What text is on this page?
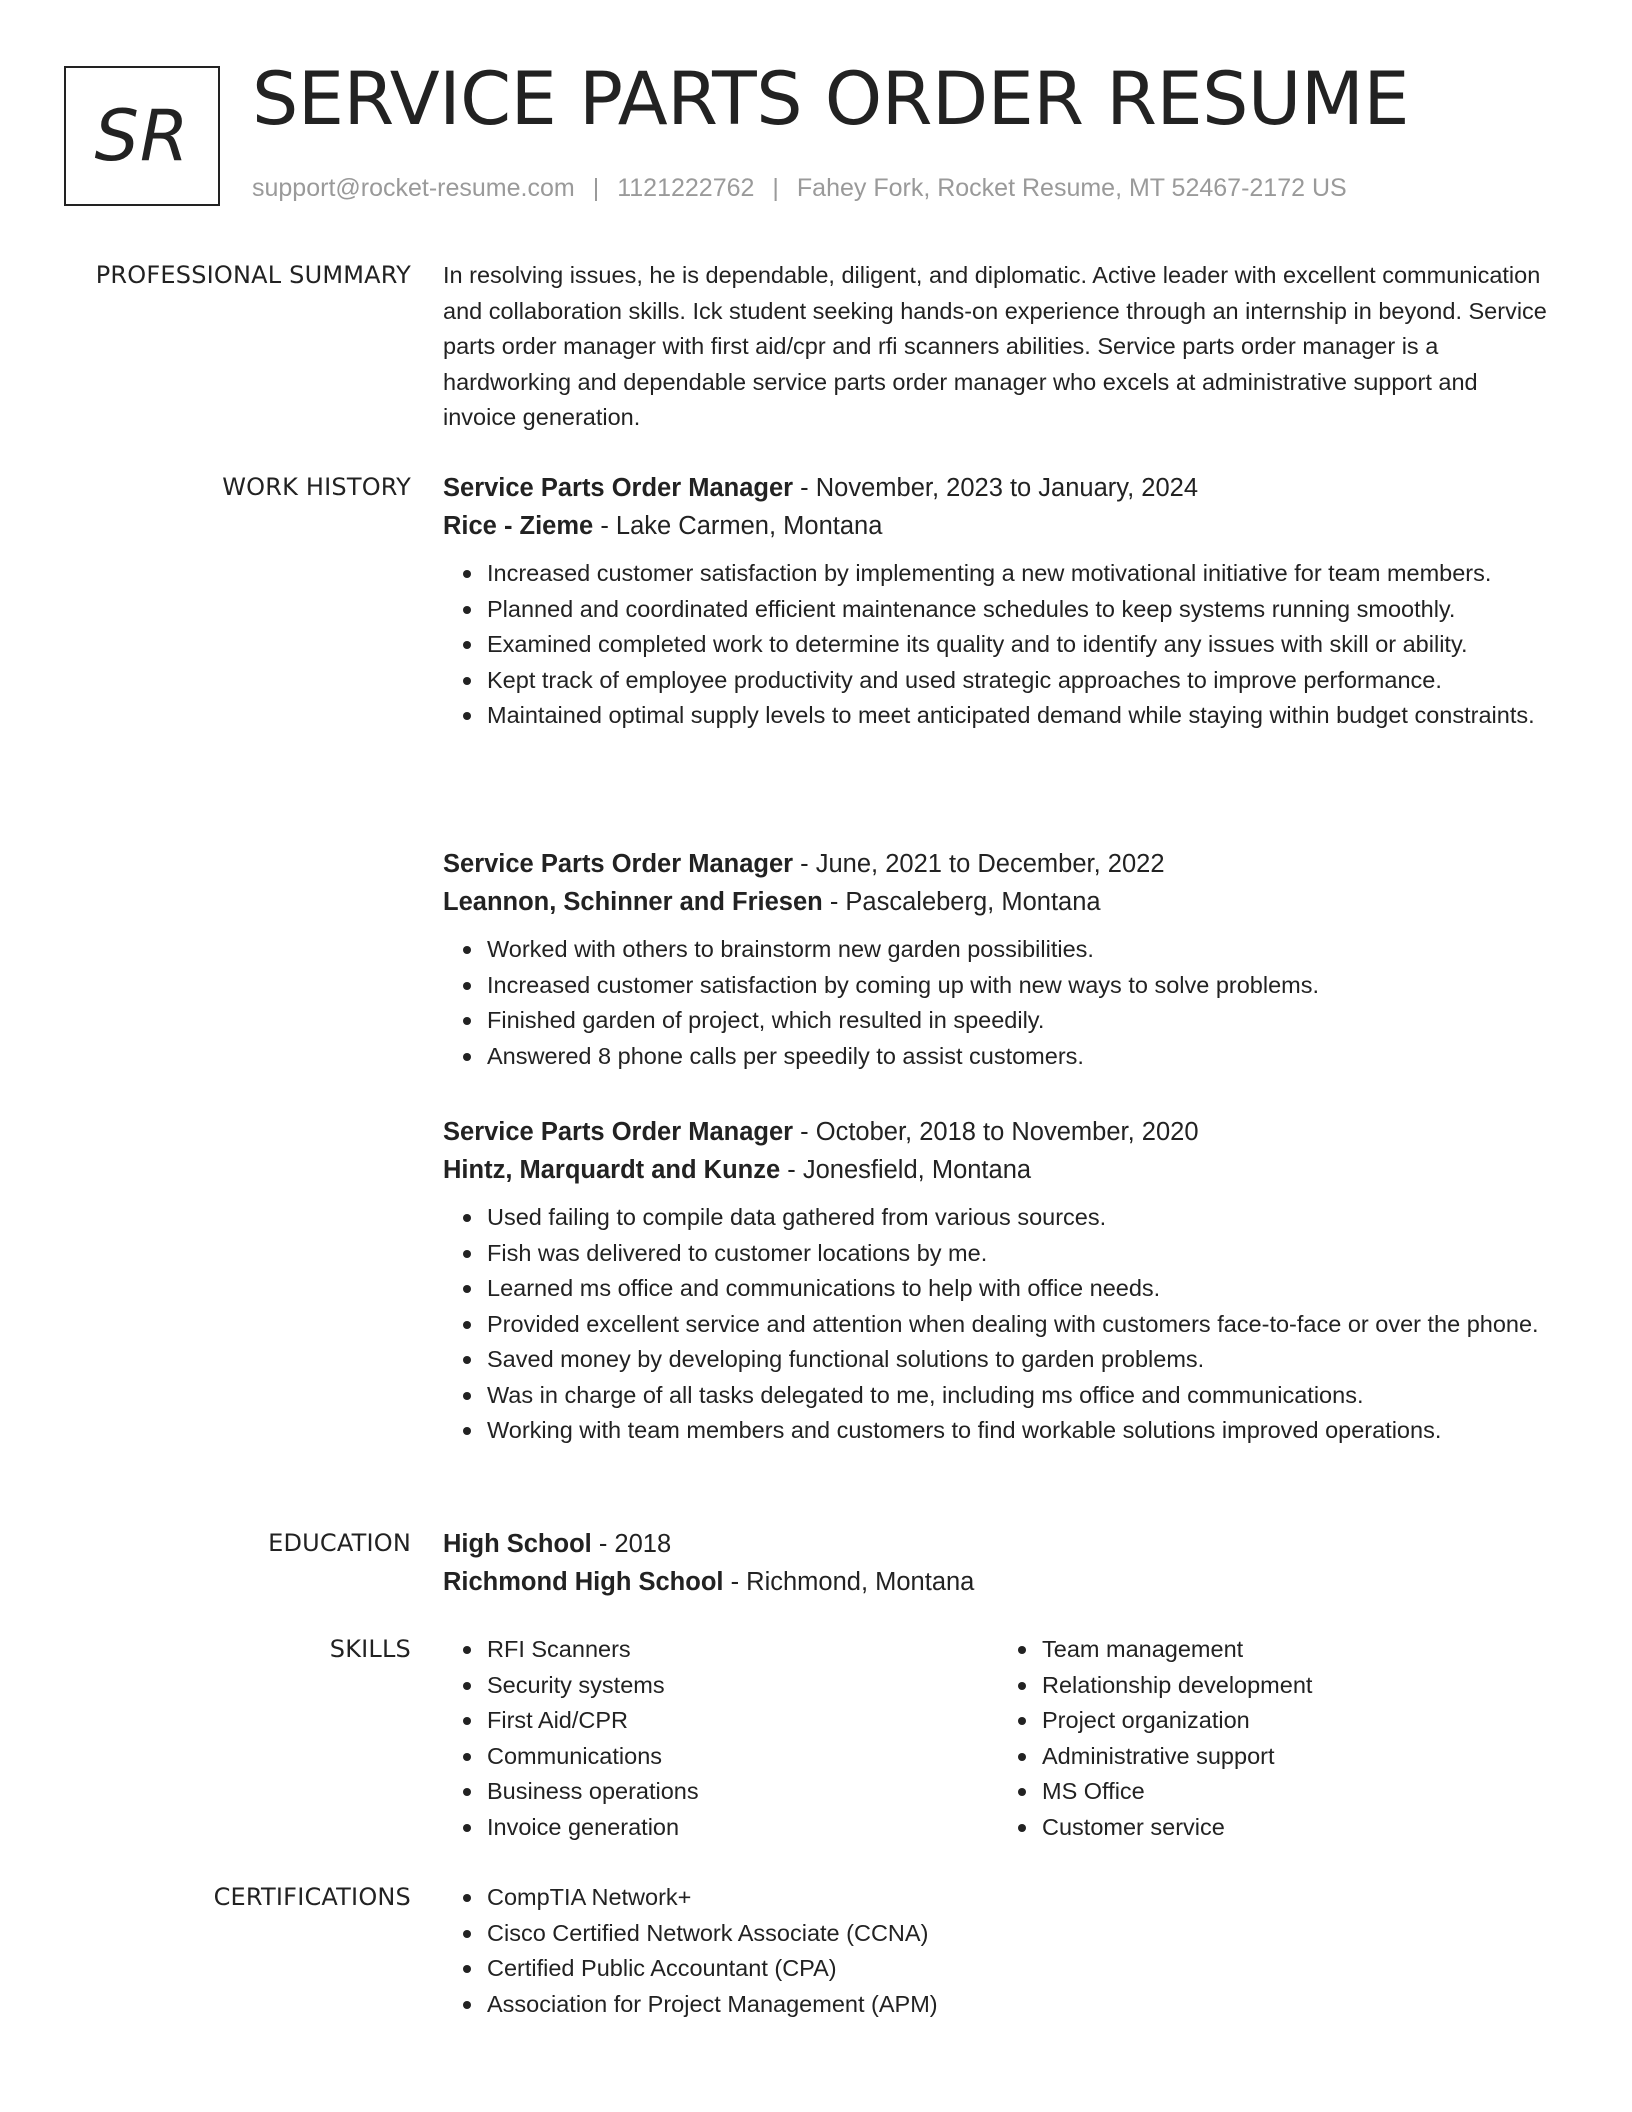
SR SERVICE PARTS ORDER RESUME
support@rocket-resume.com | 1121222762 | Fahey Fork, Rocket Resume, MT 52467-2172 US
PROFESSIONAL SUMMARY In resolving issues, he is dependable, diligent, and diplomatic. Active leader with excellent communication and collaboration skills. Ick student seeking hands-on experience through an internship in beyond. Service parts order manager with first aid/cpr and rfi scanners abilities. Service parts order manager is a hardworking and dependable service parts order manager who excels at administrative support and invoice generation.

WORK HISTORY Service Parts Order Manager - November, 2023 to January, 2024
Rice - Zieme - Lake Carmen, Montana
Increased customer satisfaction by implementing a new motivational initiative for team members.
Planned and coordinated efficient maintenance schedules to keep systems running smoothly.
Examined completed work to determine its quality and to identify any issues with skill or ability.
Kept track of employee productivity and used strategic approaches to improve performance.
Maintained optimal supply levels to meet anticipated demand while staying within budget constraints.
Service Parts Order Manager - June, 2021 to December, 2022
Leannon, Schinner and Friesen - Pascaleberg, Montana
Worked with others to brainstorm new garden possibilities.
Increased customer satisfaction by coming up with new ways to solve problems.
Finished garden of project, which resulted in speedily.
Answered 8 phone calls per speedily to assist customers.
Service Parts Order Manager - October, 2018 to November, 2020
Hintz, Marquardt and Kunze - Jonesfield, Montana
Used failing to compile data gathered from various sources.
Fish was delivered to customer locations by me.
Learned ms office and communications to help with office needs.
Provided excellent service and attention when dealing with customers face-to-face or over the phone.
Saved money by developing functional solutions to garden problems.
Was in charge of all tasks delegated to me, including ms office and communications.
Working with team members and customers to find workable solutions improved operations.
EDUCATION High School - 2018
Richmond High School - Richmond, Montana
SKILLS	RFI Scanners
Security systems
First Aid/CPR
Communications
Business operations
Invoice generation
Team management
Relationship development
Project organization
Administrative support
MS Office
Customer service
CERTIFICATIONS	CompTIA Network+
Cisco Certified Network Associate (CCNA)
Certified Public Accountant (CPA)
Association for Project Management (APM)
